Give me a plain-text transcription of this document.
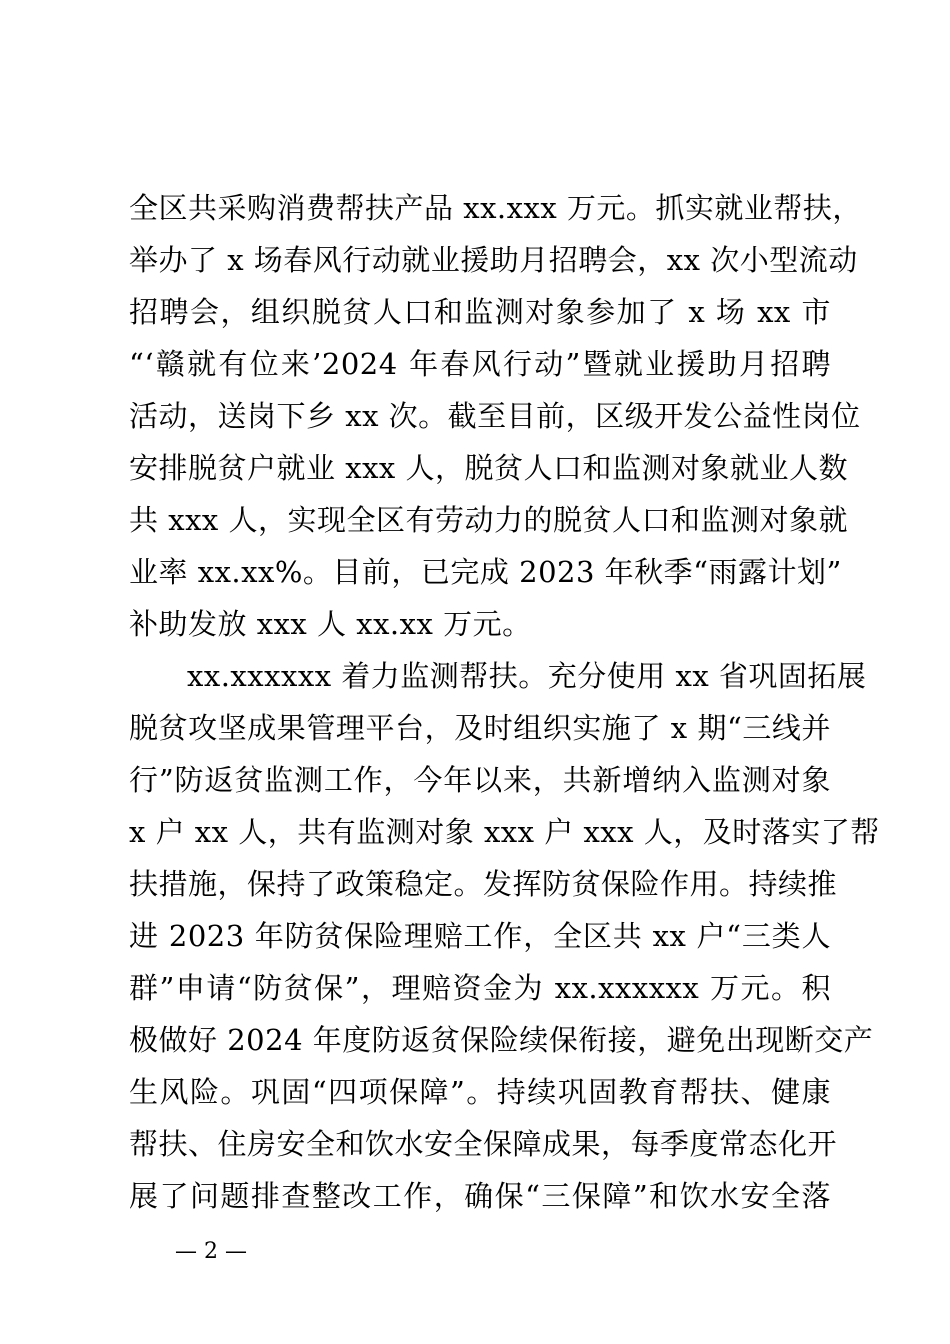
全区共采购消费帮扶产品 xx.xxx 万元。抓实就业帮扶，
举办了 x 场春风行动就业援助月招聘会，xx 次小型流动
招聘会，组织脱贫人口和监测对象参加了 x 场 xx 市
“‘赣就有位来’2024 年春风行动”暨就业援助月招聘
活动，送岗下乡 xx 次。截至目前，区级开发公益性岗位
安排脱贫户就业 xxx 人，脱贫人口和监测对象就业人数
共 xxx 人，实现全区有劳动力的脱贫人口和监测对象就
业率 xx.xx%。目前，已完成 2023 年秋季“雨露计划”
补助发放 xxx 人 xx.xx 万元。
xx.xxxxxx 着力监测帮扶。充分使用 xx 省巩固拓展
脱贫攻坚成果管理平台，及时组织实施了 x 期“三线并
行”防返贫监测工作，今年以来，共新增纳入监测对象
x 户 xx 人，共有监测对象 xxx 户 xxx 人，及时落实了帮
扶措施，保持了政策稳定。发挥防贫保险作用。持续推
进 2023 年防贫保险理赔工作，全区共 xx 户“三类人
群”申请“防贫保”，理赔资金为 xx.xxxxxx 万元。积
极做好 2024 年度防返贫保险续保衔接，避免出现断交产
生风险。巩固“四项保障”。持续巩固教育帮扶、健康
帮扶、住房安全和饮水安全保障成果，每季度常态化开
展了问题排查整改工作，确保“三保障”和饮水安全落
— 2 —
